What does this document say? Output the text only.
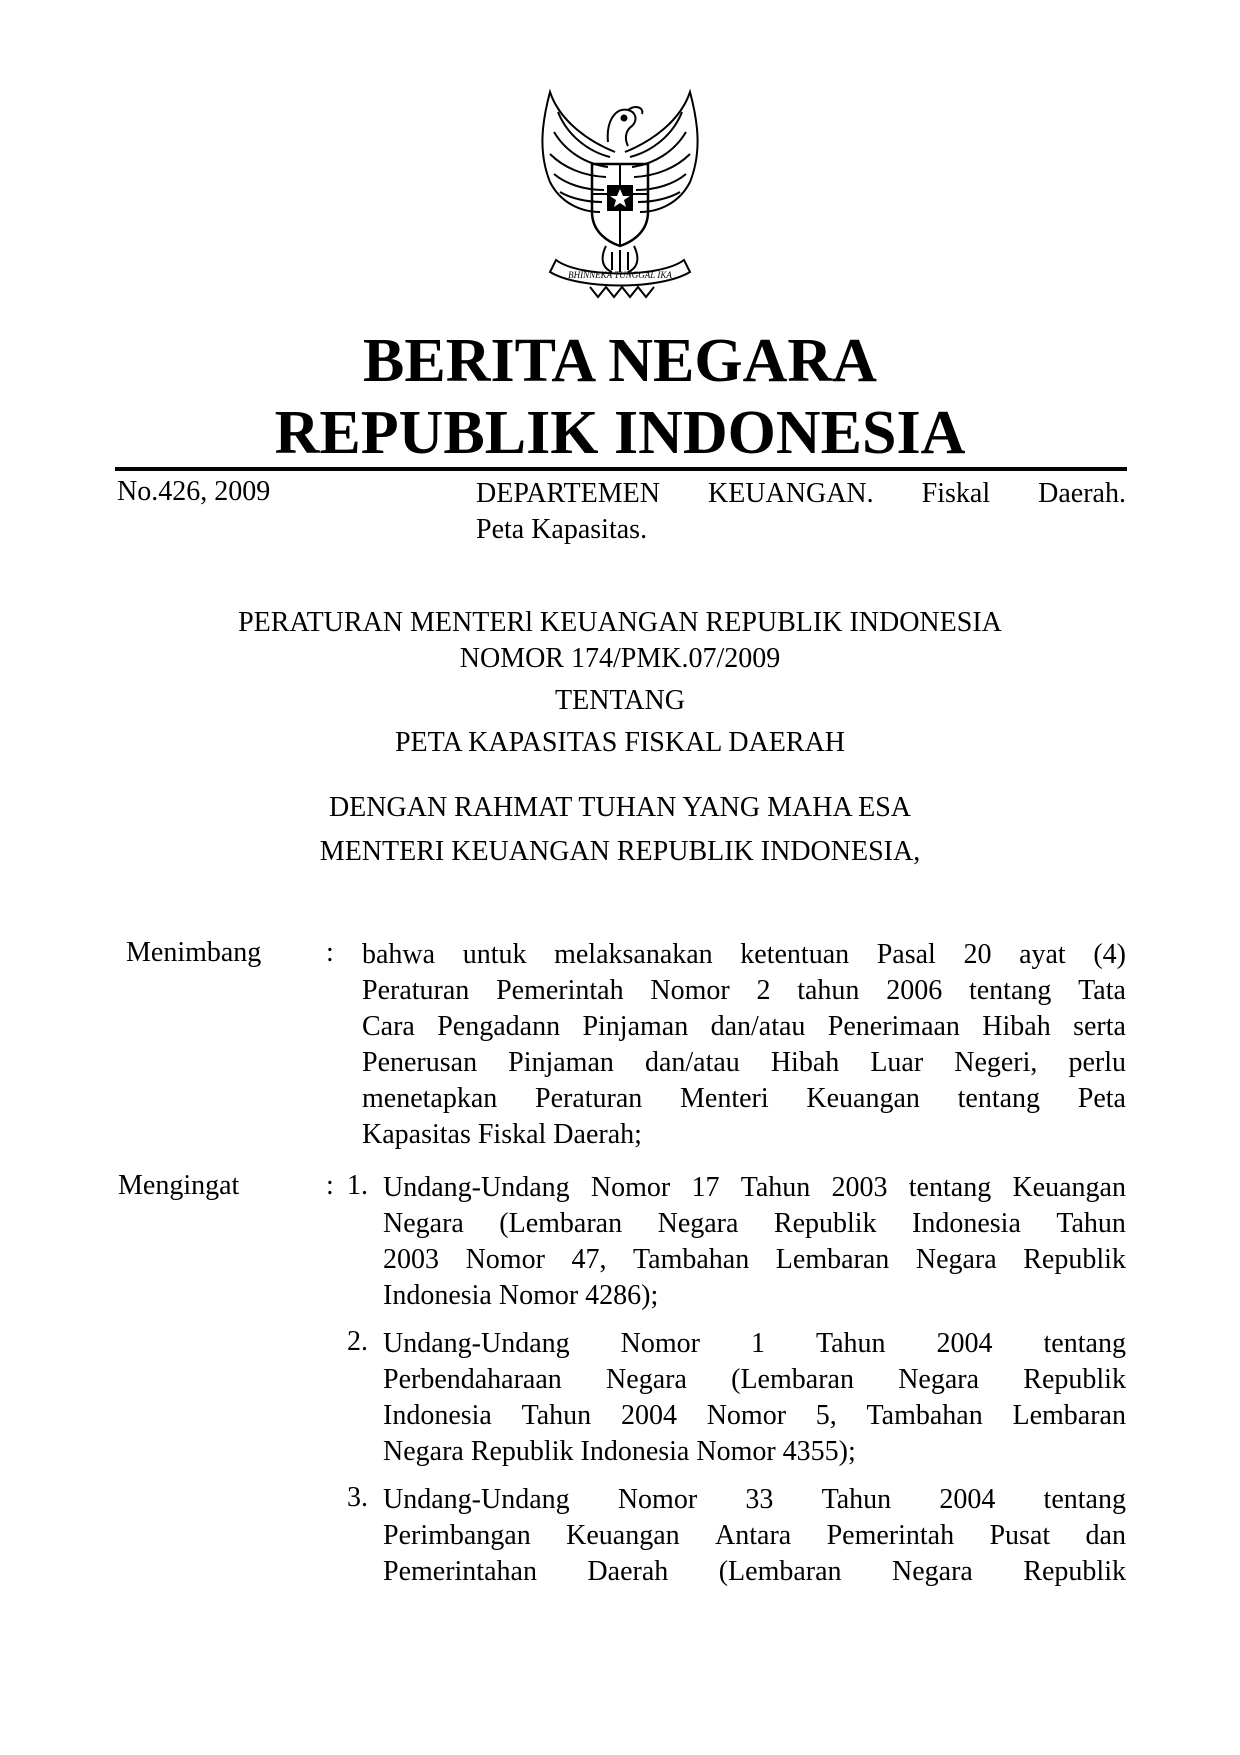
BHINNEKA TUNGGAL IKA
BERITA NEGARA
REPUBLIK INDONESIA
No.426, 2009	DEPARTEMEN KEUANGAN. Fiskal Daerah.
Peta Kapasitas.
PERATURAN MENTERl KEUANGAN REPUBLIK INDONESIA
NOMOR 174/PMK.07/2009
TENTANG
PETA KAPASITAS FISKAL DAERAH
DENGAN RAHMAT TUHAN YANG MAHA ESA
MENTERI KEUANGAN REPUBLIK INDONESIA,
Menimbang : bahwa untuk melaksanakan ketentuan Pasal 20 ayat (4)
Peraturan Pemerintah Nomor 2 tahun 2006 tentang Tata
Cara Pengadann Pinjaman dan/atau Penerimaan Hibah serta
Penerusan Pinjaman dan/atau Hibah Luar Negeri, perlu
menetapkan Peraturan Menteri Keuangan tentang Peta
Kapasitas Fiskal Daerah;
Mengingat	: 1. Undang-Undang Nomor 17 Tahun 2003 tentang Keuangan
Negara (Lembaran Negara Republik Indonesia Tahun
2003 Nomor 47, Tambahan Lembaran Negara Republik
Indonesia Nomor 4286);
2. Undang-Undang Nomor 1 Tahun 2004 tentang
Perbendaharaan Negara (Lembaran Negara Republik
Indonesia Tahun 2004 Nomor 5, Tambahan Lembaran
Negara Republik Indonesia Nomor 4355);
3. Undang-Undang Nomor 33 Tahun 2004 tentang
Perimbangan Keuangan Antara Pemerintah Pusat dan
Pemerintahan Daerah (Lembaran Negara Republik
